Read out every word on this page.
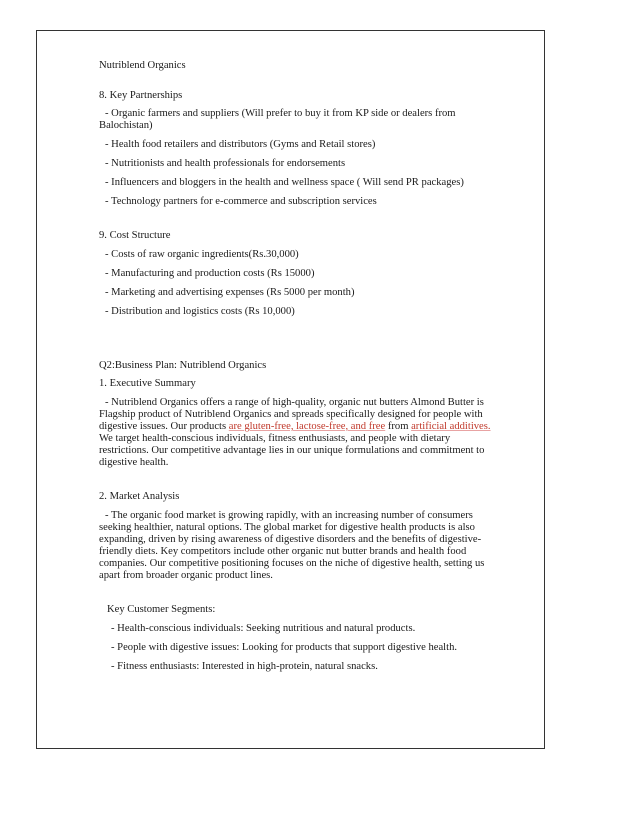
Nutriblend Organics
8. Key Partnerships
- Organic farmers and suppliers (Will prefer to buy it from KP side or dealers from
Balochistan)
- Health food retailers and distributors (Gyms and Retail stores)
- Nutritionists and health professionals for endorsements
- Influencers and bloggers in the health and wellness space ( Will send PR packages)
- Technology partners for e-commerce and subscription services
9. Cost Structure
- Costs of raw organic ingredients(Rs.30,000)
- Manufacturing and production costs (Rs 15000)
- Marketing and advertising expenses (Rs 5000 per month)
- Distribution and logistics costs (Rs 10,000)
Q2:Business Plan: Nutriblend Organics
1. Executive Summary
- Nutriblend Organics offers a range of high-quality, organic nut butters Almond Butter is
Flagship product of Nutriblend Organics and spreads specifically designed for people with
digestive issues. Our products are gluten-free, lactose-free, and free from artificial additives.
We target health-conscious individuals, fitness enthusiasts, and people with dietary
restrictions. Our competitive advantage lies in our unique formulations and commitment to
digestive health.
2. Market Analysis
- The organic food market is growing rapidly, with an increasing number of consumers
seeking healthier, natural options. The global market for digestive health products is also
expanding, driven by rising awareness of digestive disorders and the benefits of digestive-
friendly diets. Key competitors include other organic nut butter brands and health food
companies. Our competitive positioning focuses on the niche of digestive health, setting us
apart from broader organic product lines.
Key Customer Segments:
- Health-conscious individuals: Seeking nutritious and natural products.
- People with digestive issues: Looking for products that support digestive health.
- Fitness enthusiasts: Interested in high-protein, natural snacks.
